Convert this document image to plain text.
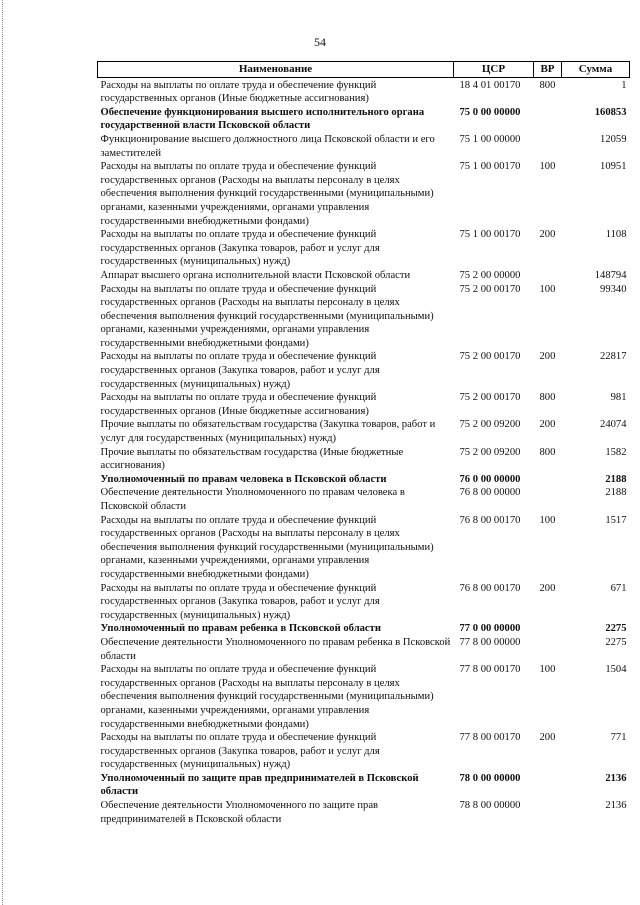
54
Наименование	ЦСР	ВР	Сумма
Расходы на выплаты по оплате труда и обеспечение функций государственных органов (Иные бюджетные ассигнования)	18 4 01 00170	800	1
Обеспечение функционирования высшего исполнительного органа государственной власти Псковской области	75 0 00 00000		160853
Функционирование высшего должностного лица Псковской области и его заместителей	75 1 00 00000		12059
Расходы на выплаты по оплате труда и обеспечение функций государственных органов (Расходы на выплаты персоналу в целях обеспечения выполнения функций государственными (муниципальными) органами, казенными учреждениями, органами управления государственными внебюджетными фондами)	75 1 00 00170	100	10951
Расходы на выплаты по оплате труда и обеспечение функций государственных органов (Закупка товаров, работ и услуг для государственных (муниципальных) нужд)	75 1 00 00170	200	1108
Аппарат высшего органа исполнительной власти Псковской области	75 2 00 00000		148794
Расходы на выплаты по оплате труда и обеспечение функций государственных органов (Расходы на выплаты персоналу в целях обеспечения выполнения функций государственными (муниципальными) органами, казенными учреждениями, органами управления государственными внебюджетными фондами)	75 2 00 00170	100	99340
Расходы на выплаты по оплате труда и обеспечение функций государственных органов (Закупка товаров, работ и услуг для государственных (муниципальных) нужд)	75 2 00 00170	200	22817
Расходы на выплаты по оплате труда и обеспечение функций государственных органов (Иные бюджетные ассигнования)	75 2 00 00170	800	981
Прочие выплаты по обязательствам государства (Закупка товаров, работ и услуг для государственных (муниципальных) нужд)	75 2 00 09200	200	24074
Прочие выплаты по обязательствам государства (Иные бюджетные ассигнования)	75 2 00 09200	800	1582
Уполномоченный по правам человека в Псковской области	76 0 00 00000		2188
Обеспечение деятельности Уполномоченного по правам человека в Псковской области	76 8 00 00000		2188
Расходы на выплаты по оплате труда и обеспечение функций государственных органов (Расходы на выплаты персоналу в целях обеспечения выполнения функций государственными (муниципальными) органами, казенными учреждениями, органами управления государственными внебюджетными фондами)	76 8 00 00170	100	1517
Расходы на выплаты по оплате труда и обеспечение функций государственных органов (Закупка товаров, работ и услуг для государственных (муниципальных) нужд)	76 8 00 00170	200	671
Уполномоченный по правам ребенка в Псковской области	77 0 00 00000		2275
Обеспечение деятельности Уполномоченного по правам ребенка в Псковской области	77 8 00 00000		2275
Расходы на выплаты по оплате труда и обеспечение функций государственных органов (Расходы на выплаты персоналу в целях обеспечения выполнения функций государственными (муниципальными) органами, казенными учреждениями, органами управления государственными внебюджетными фондами)	77 8 00 00170	100	1504
Расходы на выплаты по оплате труда и обеспечение функций государственных органов (Закупка товаров, работ и услуг для государственных (муниципальных) нужд)	77 8 00 00170	200	771
Уполномоченный по защите прав предпринимателей в Псковской области	78 0 00 00000		2136
Обеспечение деятельности Уполномоченного по защите прав предпринимателей в Псковской области	78 8 00 00000		2136
